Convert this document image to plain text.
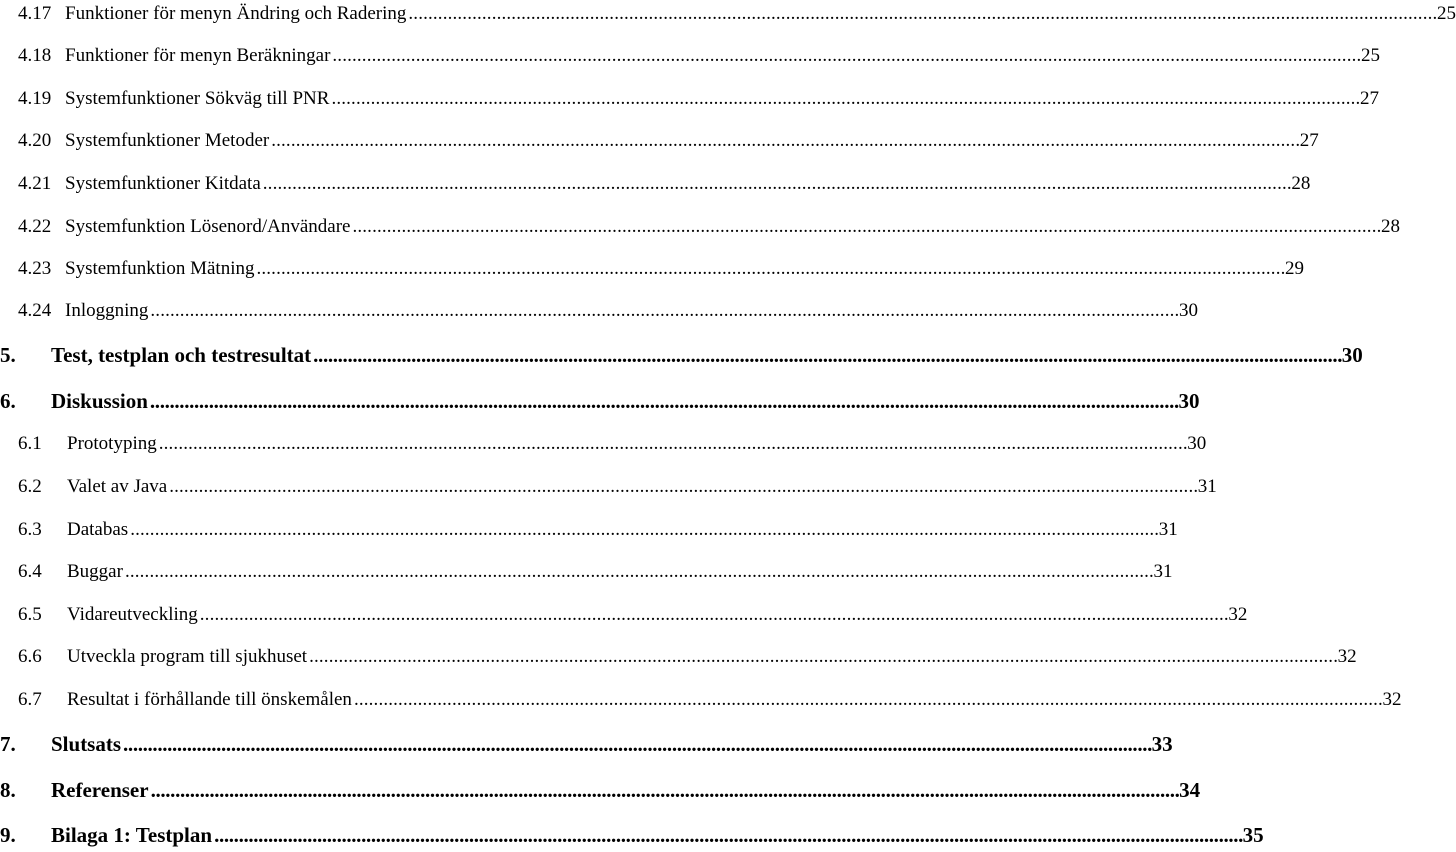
4.17 Funktioner för menyn Ändring och Radering . . .	25
4.18 Funktioner för menyn Beräkningar . . .	25
4.19 Systemfunktioner Sökväg till PNR . . .	27
4.20 Systemfunktioner Metoder . . .	27
4.21 Systemfunktioner Kitdata . . .	28
4.22 Systemfunktion Lösenord/Användare . . .	28
4.23 Systemfunktion Mätning . . .	29
4.24 Inloggning . . .	30
5.	Test, testplan och testresultat . . .	30
6.	Diskussion . . .	30
6.1	Prototyping . . .	30
6.2	Valet av Java . . .	31
6.3	Databas . . .	31
6.4	Buggar . . .	31
6.5	Vidareutveckling . . .	32
6.6	Utveckla program till sjukhuset . . .	32
6.7	Resultat i förhållande till önskemålen . . .	32
7.	Slutsats . . .	33
8.	Referenser . . .	34
9.	Bilaga 1: Testplan . . .	35
